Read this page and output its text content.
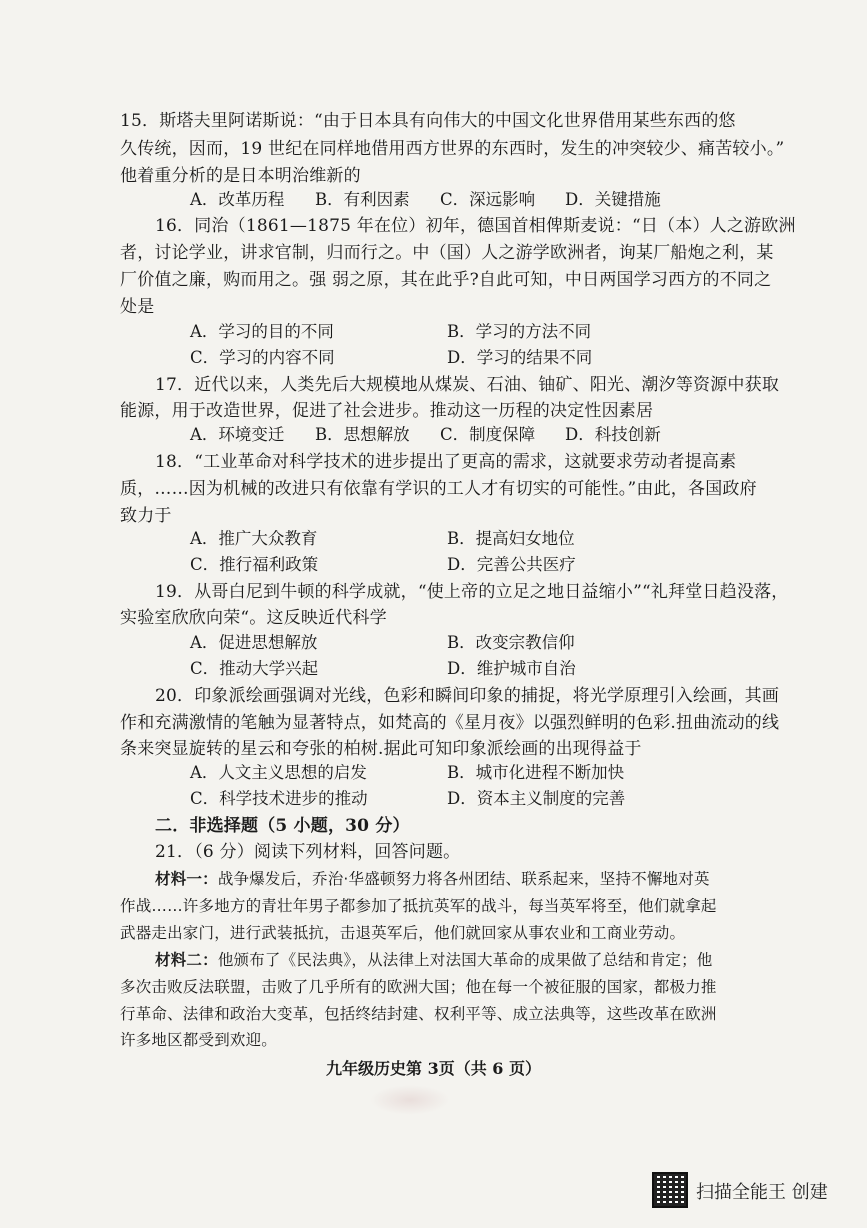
15．斯塔夫里阿诺斯说：“由于日本具有向伟大的中国文化世界借用某些东西的悠
久传统，因而，19 世纪在同样地借用西方世界的东西时，发生的冲突较少、痛苦较小。”
他着重分析的是日本明治维新的
A．改革历程 B．有利因素 C．深远影响 D．关键措施
16．同治（1861—1875 年在位）初年，德国首相俾斯麦说：“日（本）人之游欧洲
者，讨论学业，讲求官制，归而行之。中（国）人之游学欧洲者，询某厂船炮之利，某
厂价值之廉，购而用之。强 弱之原，其在此乎?自此可知，中日两国学习西方的不同之
处是
A．学习的目的不同	B．学习的方法不同
C．学习的内容不同	D．学习的结果不同
17．近代以来，人类先后大规模地从煤炭、石油、铀矿、阳光、潮汐等资源中获取
能源，用于改造世界，促进了社会进步。推动这一历程的决定性因素居
A．环境变迁 B．思想解放 C．制度保障 D．科技创新
18．“工业革命对科学技术的进步提出了更高的需求，这就要求劳动者提高素
质，……因为机械的改进只有依靠有学识的工人才有切实的可能性。”由此，各国政府
致力于
A．推广大众教育	B．提高妇女地位
C．推行福利政策	D．完善公共医疗
19．从哥白尼到牛顿的科学成就，“使上帝的立足之地日益缩小”“礼拜堂日趋没落，
实验室欣欣向荣“。这反映近代科学
A．促进思想解放	B．改变宗教信仰
C．推动大学兴起	D．维护城市自治
20．印象派绘画强调对光线，色彩和瞬间印象的捕捉，将光学原理引入绘画，其画
作和充满激情的笔触为显著特点，如梵高的《星月夜》以强烈鲜明的色彩.扭曲流动的线
条来突显旋转的星云和夸张的柏树.据此可知印象派绘画的出现得益于
A．人文主义思想的启发	B．城市化进程不断加快
C．科学技术进步的推动	D．资本主义制度的完善
二．非选择题（5 小题，30 分）
21．（6 分）阅读下列材料，回答问题。
材料一：战争爆发后，乔治·华盛顿努力将各州团结、联系起来，坚持不懈地对英
作战……许多地方的青壮年男子都参加了抵抗英军的战斗，每当英军将至，他们就拿起
武器走出家门，进行武装抵抗，击退英军后，他们就回家从事农业和工商业劳动。
材料二：他颁布了《民法典》，从法律上对法国大革命的成果做了总结和肯定；他
多次击败反法联盟，击败了几乎所有的欧洲大国；他在每一个被征服的国家，都极力推
行革命、法律和政治大变革，包括终结封建、权利平等、成立法典等，这些改革在欧洲
许多地区都受到欢迎。
九年级历史第 3页（共 6 页）
扫描全能王 创建
